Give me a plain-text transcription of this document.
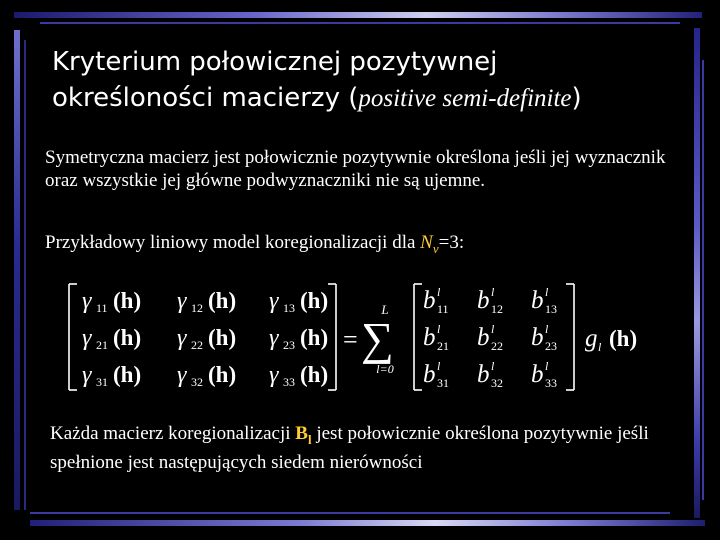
Kryterium połowicznej pozytywnej
określoności macierzy (positive semi-definite)
Symetryczna macierz jest połowicznie pozytywnie określona jeśli jej wyznacznik oraz wszystkie jej główne podwyznaczniki nie są ujemne.
Przykładowy liniowy model koregionalizacji dla $N_v=3$:
γ 11 (h) γ 12 (h) γ 13 (h)
γ 21 (h) γ 22 (h) γ 23 (h)
γ 31 (h) γ 32 (h) γ 33 (h)
b l
11 b l
12 b l
13
b l
21 b l
22 b l
23
b l
31 b l
32 b l
33
g l (h)
= ∑
L
l=0
Każda macierz koregionalizacji $B_l$ jest połowicznie określona pozytywnie jeśli spełnione jest następujących siedem nierówności
